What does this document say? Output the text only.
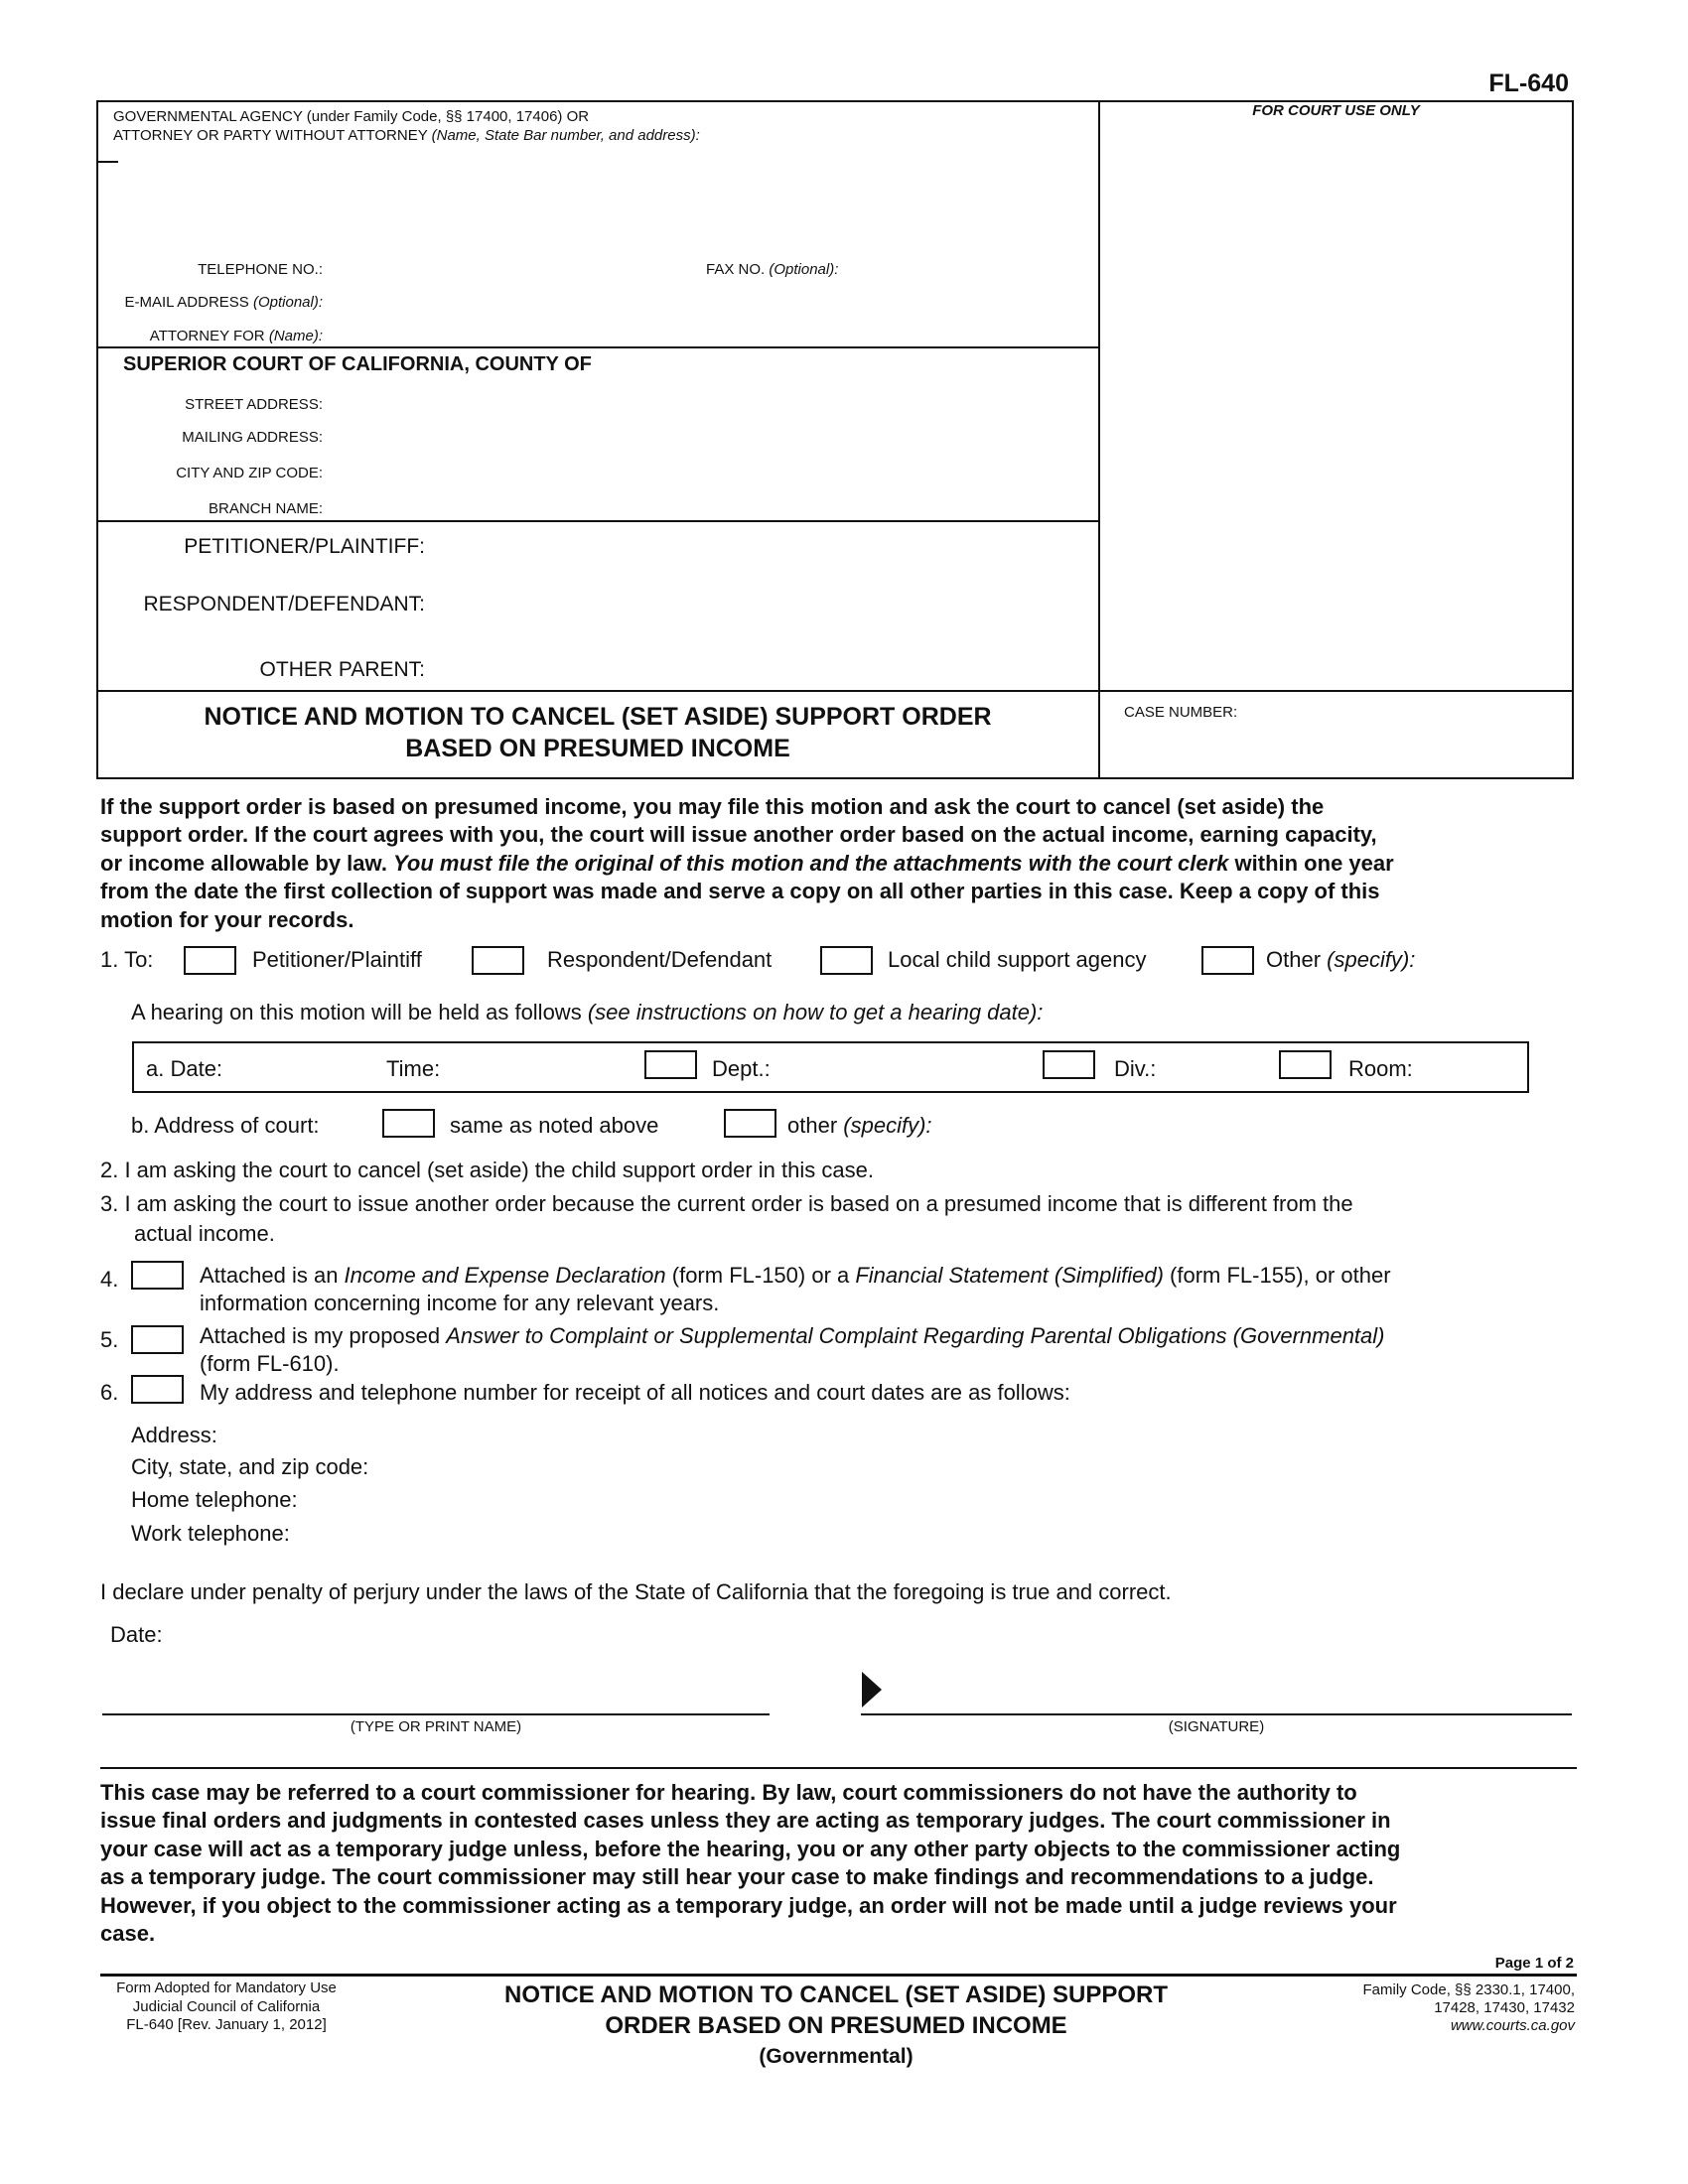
FL-640
GOVERNMENTAL AGENCY (under Family Code, §§ 17400, 17406) OR
ATTORNEY OR PARTY WITHOUT ATTORNEY (Name, State Bar number, and address):
TELEPHONE NO.:	FAX NO. (Optional):
E-MAIL ADDRESS (Optional):
ATTORNEY FOR (Name):
FOR COURT USE ONLY
SUPERIOR COURT OF CALIFORNIA, COUNTY OF
STREET ADDRESS:
MAILING ADDRESS:
CITY AND ZIP CODE:
BRANCH NAME:
PETITIONER/PLAINTIFF:
RESPONDENT/DEFENDANT:
OTHER PARENT:
NOTICE AND MOTION TO CANCEL (SET ASIDE) SUPPORT ORDER
BASED ON PRESUMED INCOME
CASE NUMBER:
If the support order is based on presumed income, you may file this motion and ask the court to cancel (set aside) the
support order. If the court agrees with you, the court will issue another order based on the actual income, earning capacity,
or income allowable by law. You must file the original of this motion and the attachments with the court clerk within one year
from the date the first collection of support was made and serve a copy on all other parties in this case. Keep a copy of this
motion for your records.
1. To:	Petitioner/Plaintiff	Respondent/Defendant	Local child support agency	Other (specify):
A hearing on this motion will be held as follows (see instructions on how to get a hearing date):
a. Date:	Time:	Dept.:	Div.:	Room:
b. Address of court:	same as noted above	other (specify):
2. I am asking the court to cancel (set aside) the child support order in this case.
3. I am asking the court to issue another order because the current order is based on a presumed income that is different from the
actual income.
4.	Attached is an Income and Expense Declaration (form FL-150) or a Financial Statement (Simplified) (form FL-155), or other
information concerning income for any relevant years.
5.	Attached is my proposed Answer to Complaint or Supplemental Complaint Regarding Parental Obligations (Governmental)
(form FL-610).
6.	My address and telephone number for receipt of all notices and court dates are as follows:
Address:
City, state, and zip code:
Home telephone:
Work telephone:
I declare under penalty of perjury under the laws of the State of California that the foregoing is true and correct.
Date:
(TYPE OR PRINT NAME)	(SIGNATURE)
This case may be referred to a court commissioner for hearing. By law, court commissioners do not have the authority to
issue final orders and judgments in contested cases unless they are acting as temporary judges. The court commissioner in
your case will act as a temporary judge unless, before the hearing, you or any other party objects to the commissioner acting
as a temporary judge. The court commissioner may still hear your case to make findings and recommendations to a judge.
However, if you object to the commissioner acting as a temporary judge, an order will not be made until a judge reviews your
case.
Page 1 of 2
Form Adopted for Mandatory Use
Judicial Council of California
FL-640 [Rev. January 1, 2012]
NOTICE AND MOTION TO CANCEL (SET ASIDE) SUPPORT
ORDER BASED ON PRESUMED INCOME
(Governmental)
Family Code, §§ 2330.1, 17400,
17428, 17430, 17432
www.courts.ca.gov
